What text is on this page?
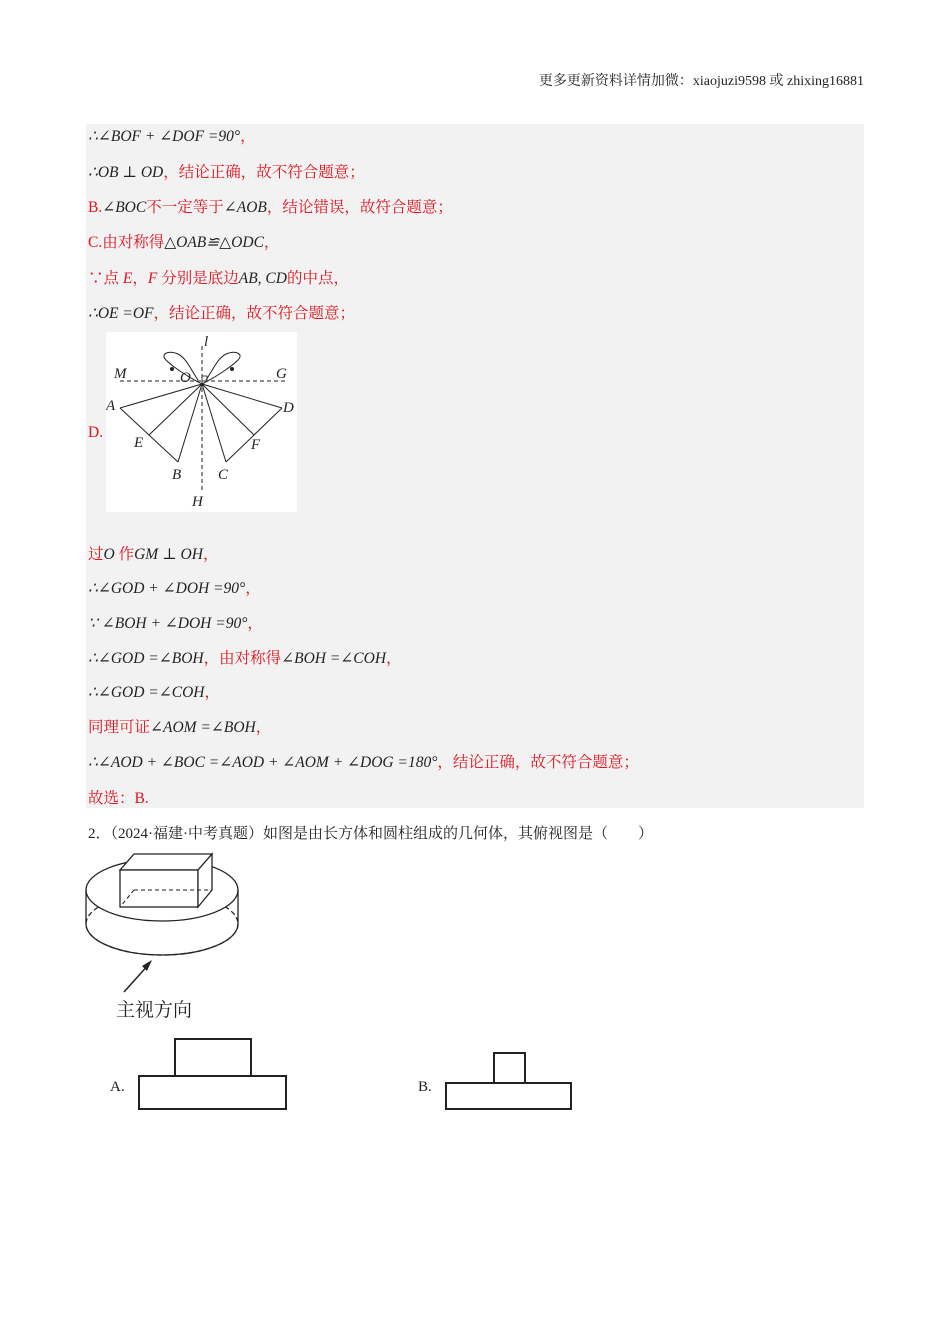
更多更新资料详情加微：xiaojuzi9598 或 zhixing16881
∴∠BOF + ∠DOF =90°，
∴OB ⊥ OD，结论正确，故不符合题意；
B.∠BOC不一定等于∠AOB，结论错误，故符合题意；
C.由对称得△OAB≌△ODC，
∵点 E，F 分别是底边AB, CD的中点，
∴OE =OF，结论正确，故不符合题意；
D.
l
M	O	G
A	D
E	F
B C
H
过O 作GM ⊥ OH，
∴∠GOD + ∠DOH =90°，
∵ ∠BOH + ∠DOH =90°，
∴∠GOD =∠BOH，由对称得∠BOH =∠COH，
∴∠GOD =∠COH，
同理可证∠AOM =∠BOH，
∴∠AOD + ∠BOC =∠AOD + ∠AOM + ∠DOG =180°，结论正确，故不符合题意；
故选：B.
2．（2024·福建·中考真题）如图是由长方体和圆柱组成的几何体，其俯视图是（　　）
主视方向
A.	B.
